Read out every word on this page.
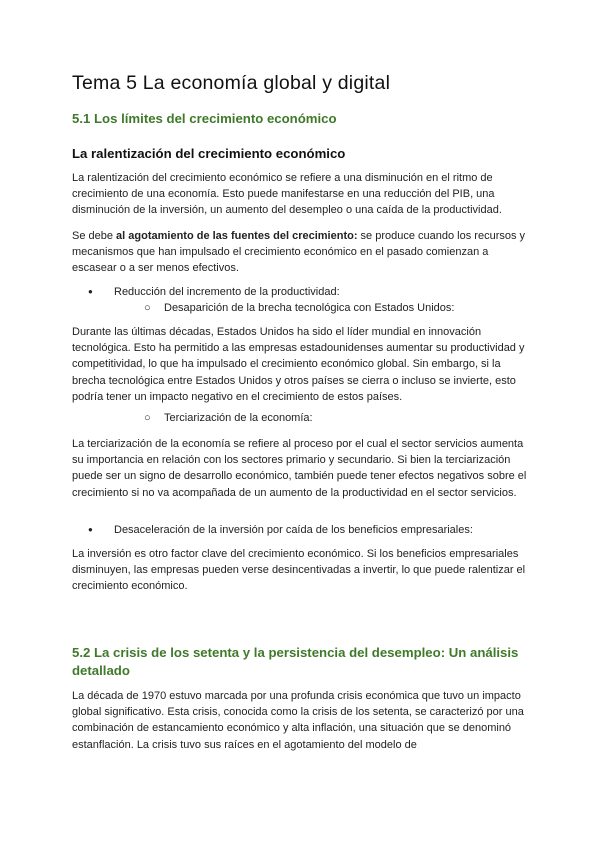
Tema 5 La economía global y digital
5.1 Los límites del crecimiento económico
La ralentización del crecimiento económico

La ralentización del crecimiento económico se refiere a una disminución en el ritmo de crecimiento de una economía. Esto puede manifestarse en una reducción del PIB, una disminución de la inversión, un aumento del desempleo o una caída de la productividad.

Se debe al agotamiento de las fuentes del crecimiento: se produce cuando los recursos y mecanismos que han impulsado el crecimiento económico en el pasado comienzan a escasear o a ser menos efectivos.

● Reducción del incremento de la productividad:
○ Desaparición de la brecha tecnológica con Estados Unidos:

Durante las últimas décadas, Estados Unidos ha sido el líder mundial en innovación tecnológica. Esto ha permitido a las empresas estadounidenses aumentar su productividad y competitividad, lo que ha impulsado el crecimiento económico global. Sin embargo, si la brecha tecnológica entre Estados Unidos y otros países se cierra o incluso se invierte, esto podría tener un impacto negativo en el crecimiento de estos países.

○ Terciarización de la economía:

La terciarización de la economía se refiere al proceso por el cual el sector servicios aumenta su importancia en relación con los sectores primario y secundario. Si bien la terciarización puede ser un signo de desarrollo económico, también puede tener efectos negativos sobre el crecimiento si no va acompañada de un aumento de la productividad en el sector servicios.

● Desaceleración de la inversión por caída de los beneficios empresariales:

La inversión es otro factor clave del crecimiento económico. Si los beneficios empresariales disminuyen, las empresas pueden verse desincentivadas a invertir, lo que puede ralentizar el crecimiento económico.

5.2 La crisis de los setenta y la persistencia del desempleo: Un análisis detallado

La década de 1970 estuvo marcada por una profunda crisis económica que tuvo un impacto global significativo. Esta crisis, conocida como la crisis de los setenta, se caracterizó por una combinación de estancamiento económico y alta inflación, una situación que se denominó estanflación. La crisis tuvo sus raíces en el agotamiento del modelo de
